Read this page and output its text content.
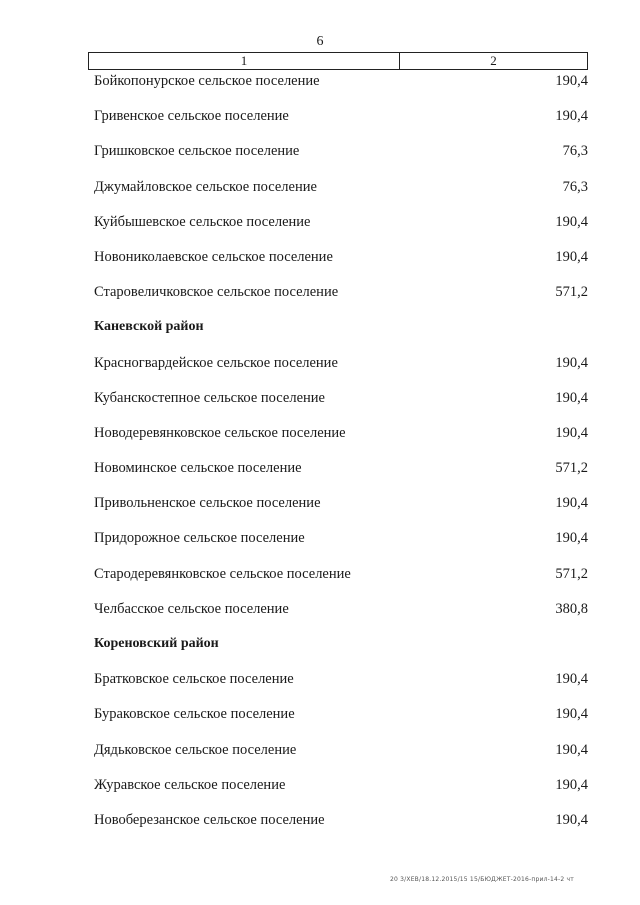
6
1	2
Бойкопонурское сельское поселение	190,4
Гривенское сельское поселение	190,4
Гришковское сельское поселение	76,3
Джумайловское сельское поселение	76,3
Куйбышевское сельское поселение	190,4
Новониколаевское сельское поселение	190,4
Старовеличковское сельское поселение	571,2
Каневской район
Красногвардейское сельское поселение	190,4
Кубанскостепное сельское поселение	190,4
Новодеревянковское сельское поселение	190,4
Новоминское сельское поселение	571,2
Привольненское сельское поселение	190,4
Придорожное сельское поселение	190,4
Стародеревянковское сельское поселение	571,2
Челбасское сельское поселение	380,8
Кореновский район
Братковское сельское поселение	190,4
Бураковское сельское поселение	190,4
Дядьковское сельское поселение	190,4
Журавское сельское поселение	190,4
Новоберезанское сельское поселение	190,4
20 3/ХЕВ/18.12.2015/15 15/БЮДЖЕТ-2016-прил-14-2 чт
